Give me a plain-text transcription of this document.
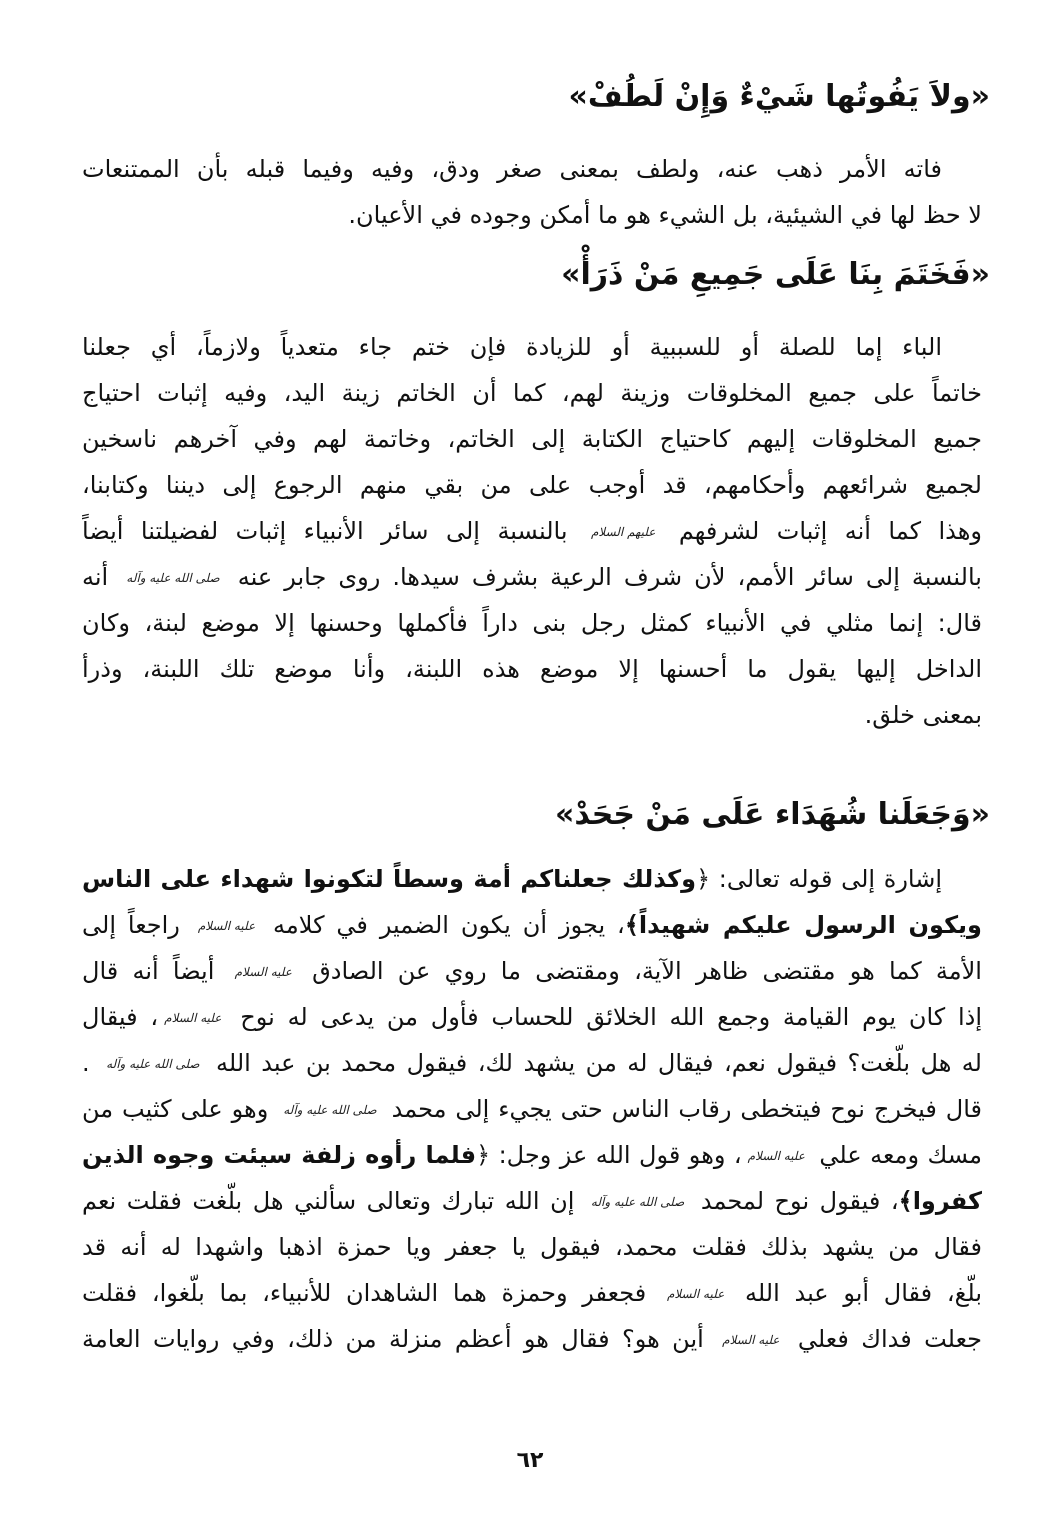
«ولاَ يَفُوتُها شَيْءٌ وَإِنْ لَطُفْ»
فاته الأمر ذهب عنه، ولطف بمعنى صغر ودق، وفيه وفيما قبله بأن الممتنعات
لا حظ لها في الشيئية، بل الشيء هو ما أمكن وجوده في الأعيان.
«فَخَتَمَ بِنَا عَلَى جَمِيعِ مَنْ ذَرَأْ»
الباء إما للصلة أو للسببية أو للزيادة فإن ختم جاء متعدياً ولازماً، أي جعلنا
خاتماً على جميع المخلوقات وزينة لهم، كما أن الخاتم زينة اليد، وفيه إثبات احتياج
جميع المخلوقات إليهم كاحتياج الكتابة إلى الخاتم، وخاتمة لهم وفي آخرهم ناسخين
لجميع شرائعهم وأحكامهم، قد أوجب على من بقي منهم الرجوع إلى ديننا وكتابنا،
وهذا كما أنه إثبات لشرفهم عليهم السلام بالنسبة إلى سائر الأنبياء إثبات لفضيلتنا أيضاً
بالنسبة إلى سائر الأمم، لأن شرف الرعية بشرف سيدها. روى جابر عنه صلى الله عليه وآله أنه
قال: إنما مثلي في الأنبياء كمثل رجل بنى داراً فأكملها وحسنها إلا موضع لبنة، وكان
الداخل إليها يقول ما أحسنها إلا موضع هذه اللبنة، وأنا موضع تلك اللبنة، وذرأ
بمعنى خلق.
«وَجَعَلَنا شُهَدَاء عَلَى مَنْ جَحَدْ»
إشارة إلى قوله تعالى: ﴿وكذلك جعلناكم أمة وسطاً لتكونوا شهداء على الناس
ويكون الرسول عليكم شهيداً﴾، يجوز أن يكون الضمير في كلامه عليه السلام راجعاً إلى
الأمة كما هو مقتضى ظاهر الآية، ومقتضى ما روي عن الصادق عليه السلام أيضاً أنه قال
إذا كان يوم القيامة وجمع الله الخلائق للحساب فأول من يدعى له نوح عليه السلام، فيقال
له هل بلّغت؟ فيقول نعم، فيقال له من يشهد لك، فيقول محمد بن عبد الله صلى الله عليه وآله .
قال فيخرج نوح فيتخطى رقاب الناس حتى يجيء إلى محمد صلى الله عليه وآله وهو على كثيب من
مسك ومعه علي عليه السلام، وهو قول الله عز وجل: ﴿فلما رأوه زلفة سيئت وجوه الذين
كفروا﴾، فيقول نوح لمحمد صلى الله عليه وآله إن الله تبارك وتعالى سألني هل بلّغت فقلت نعم
فقال من يشهد بذلك فقلت محمد، فيقول يا جعفر ويا حمزة اذهبا واشهدا له أنه قد
بلّغ، فقال أبو عبد الله عليه السلام فجعفر وحمزة هما الشاهدان للأنبياء، بما بلّغوا، فقلت
جعلت فداك فعلي عليه السلام أين هو؟ فقال هو أعظم منزلة من ذلك، وفي روايات العامة
٦٢
